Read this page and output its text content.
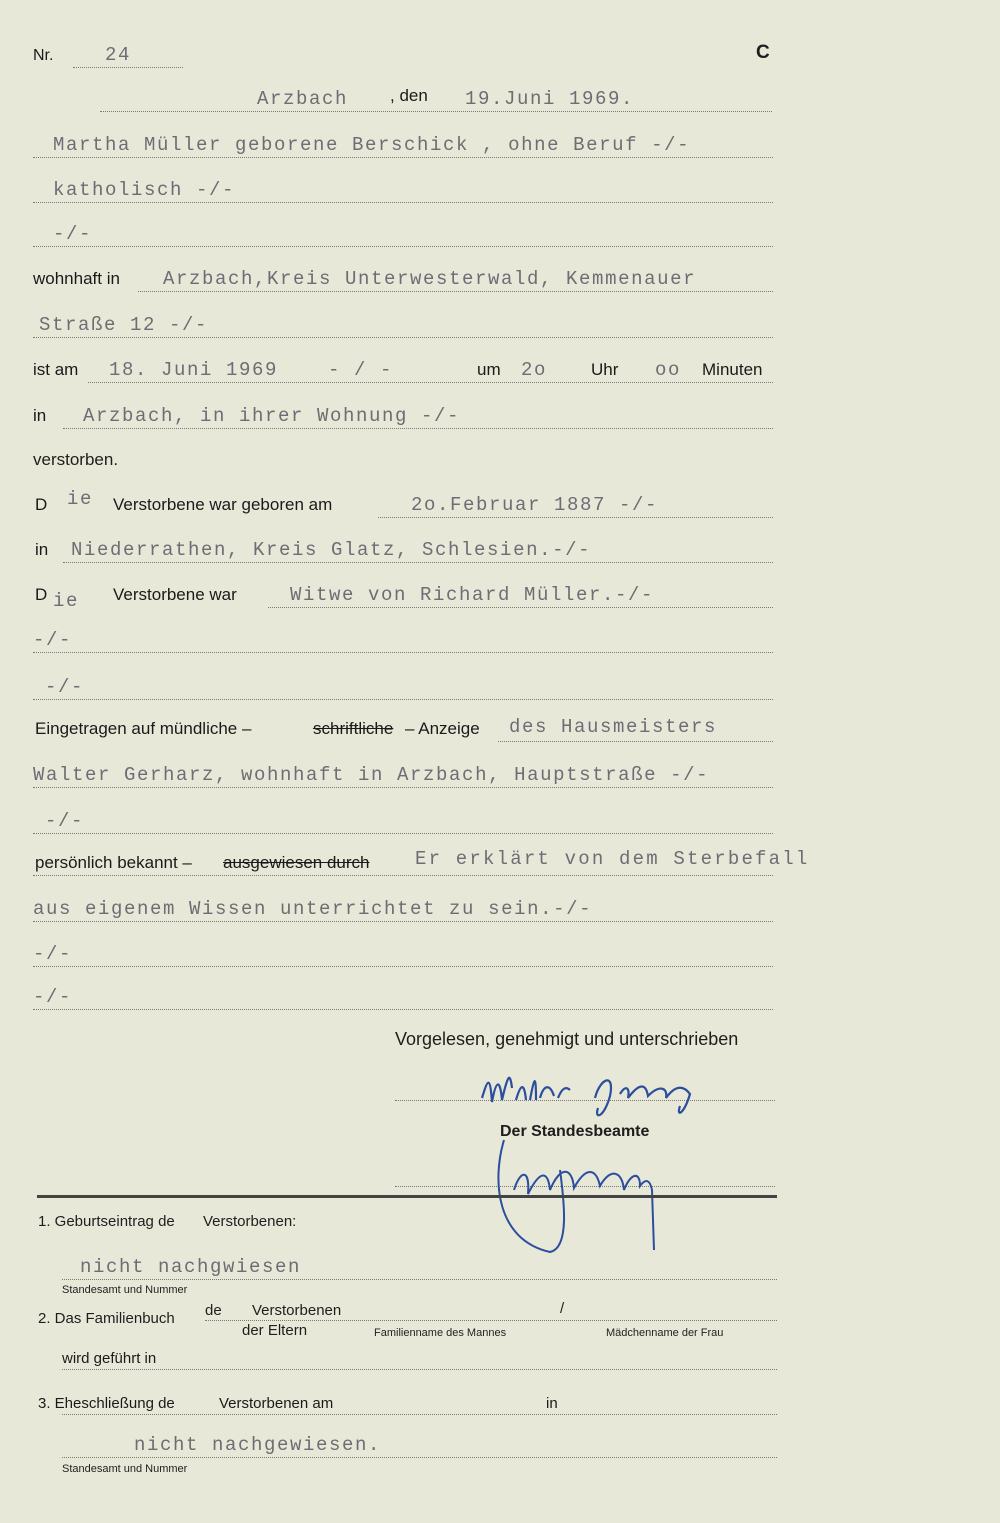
Nr.	24	C
Arzbach , den 19.Juni 1969.
Martha Müller geborene Berschick , ohne Beruf -/-
katholisch -/-
-/-
wohnhaft in Arzbach,Kreis Unterwesterwald, Kemmenauer
Straße 12 -/-
ist am 18. Juni 1969	- / -	um 2o	Uhr oo Minuten
in Arzbach, in ihrer Wohnung -/-
verstorben.
D ie Verstorbene war geboren am	2o.Februar 1887 -/-
in Niederrathen, Kreis Glatz, Schlesien.-/-
D ie Verstorbene war	Witwe von Richard Müller.-/-
-/-
-/-
Eingetragen auf mündliche –	schriftliche – Anzeige des Hausmeisters
Walter Gerharz, wohnhaft in Arzbach, Hauptstraße -/-
-/-
persönlich bekannt – ausgewiesen durch Er erklärt von dem Sterbefall
aus eigenem Wissen unterrichtet zu sein.-/-
-/-
-/-
Vorgelesen, genehmigt und unterschrieben
Der Standesbeamte
1. Geburtseintrag de Verstorbenen:
nicht nachgwiesen
Standesamt und Nummer
2. Das Familienbuch de Verstorbenen	/
der Eltern	Familienname des Mannes	Mädchenname der Frau
wird geführt in
3. Eheschließung de	Verstorbenen am	in
nicht nachgewiesen.
Standesamt und Nummer
